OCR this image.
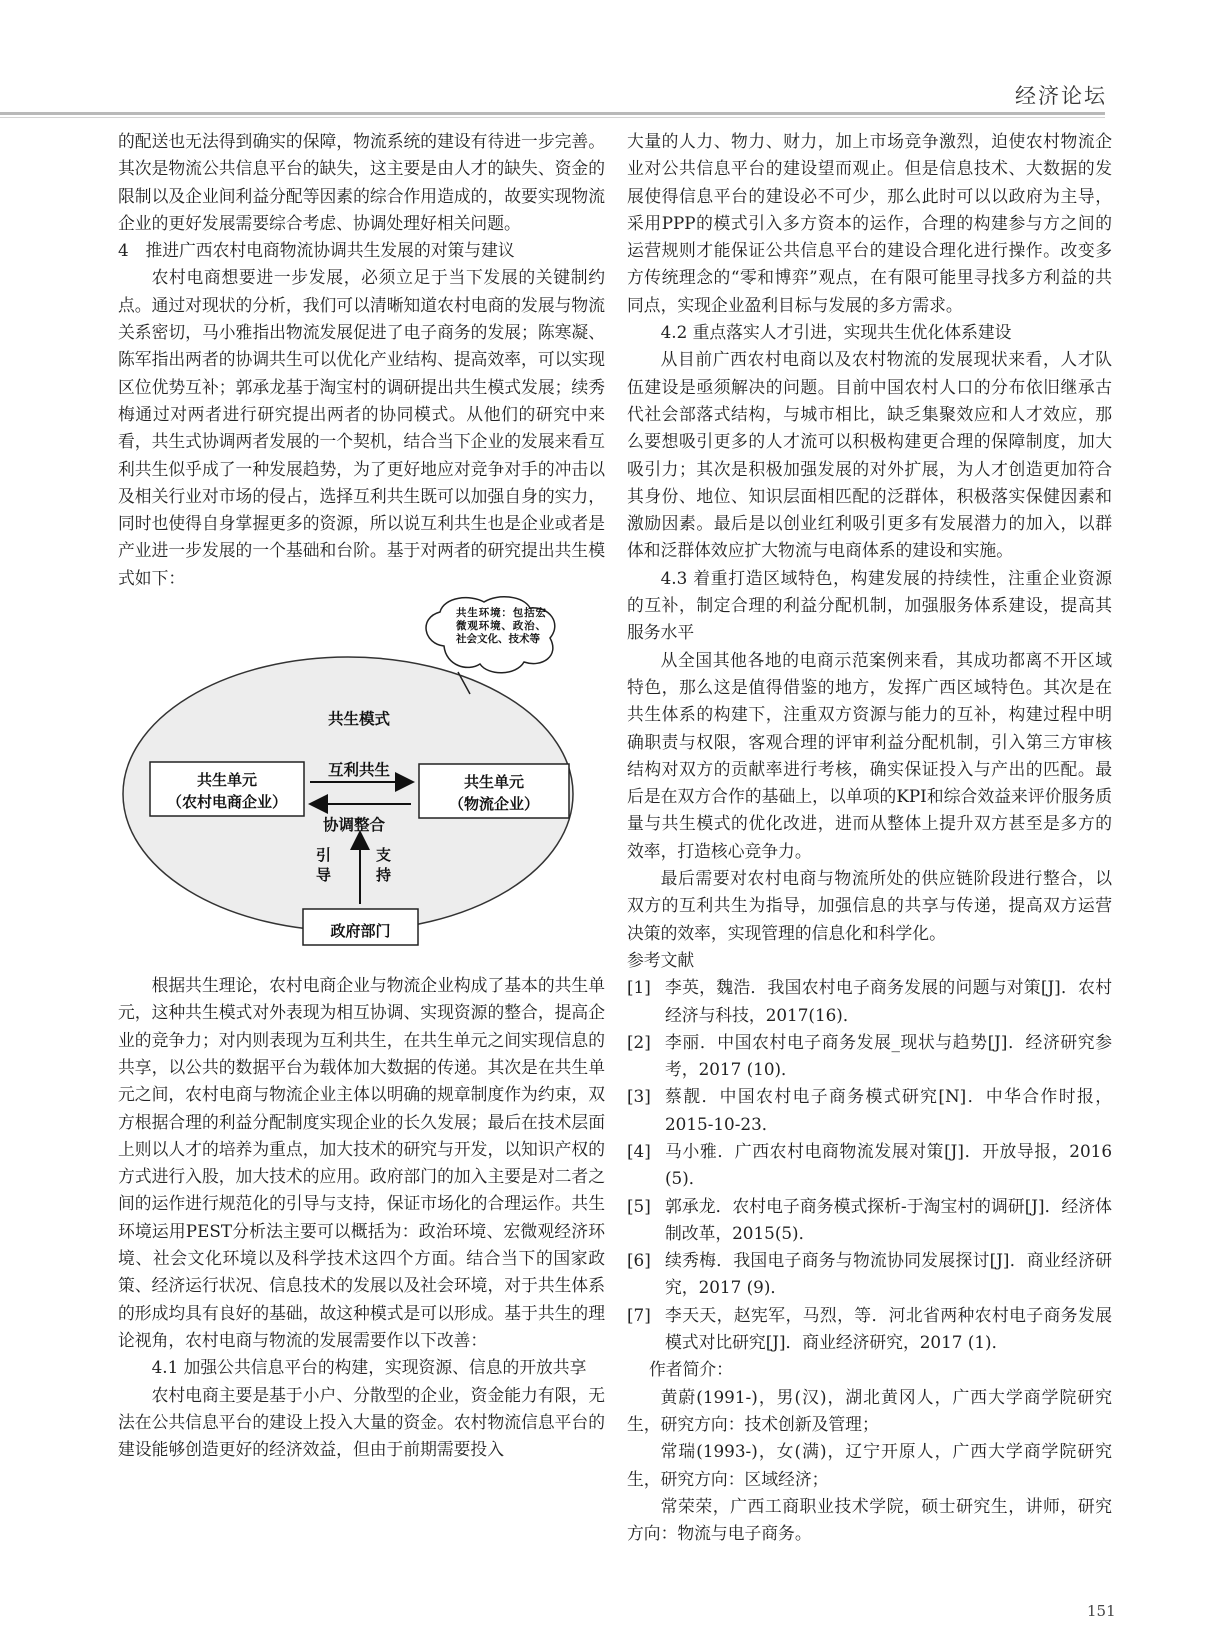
经济论坛

的配送也无法得到确实的保障，物流系统的建设有待进一步完善。其次是物流公共信息平台的缺失，这主要是由人才的缺失、资金的限制以及企业间利益分配等因素的综合作用造成的，故要实现物流企业的更好发展需要综合考虑、协调处理好相关问题。

4　推进广西农村电商物流协调共生发展的对策与建议

农村电商想要进一步发展，必须立足于当下发展的关键制约点。通过对现状的分析，我们可以清晰知道农村电商的发展与物流关系密切，马小雅指出物流发展促进了电子商务的发展；陈寒凝、陈军指出两者的协调共生可以优化产业结构、提高效率，可以实现区位优势互补；郭承龙基于淘宝村的调研提出共生模式发展；续秀梅通过对两者进行研究提出两者的协同模式。从他们的研究中来看，共生式协调两者发展的一个契机，结合当下企业的发展来看互利共生似乎成了一种发展趋势，为了更好地应对竞争对手的冲击以及相关行业对市场的侵占，选择互利共生既可以加强自身的实力，同时也使得自身掌握更多的资源，所以说互利共生也是企业或者是产业进一步发展的一个基础和台阶。基于对两者的研究提出共生模式如下：

共生模式
共生单元
（农村电商企业）
共生单元
（物流企业）
互利共生
协调整合
引导
支持
政府部门
共生环境：包括宏微观环境、政治、社会文化、技术等

根据共生理论，农村电商企业与物流企业构成了基本的共生单元，这种共生模式对外表现为相互协调、实现资源的整合，提高企业的竞争力；对内则表现为互利共生，在共生单元之间实现信息的共享，以公共的数据平台为载体加大数据的传递。其次是在共生单元之间，农村电商与物流企业主体以明确的规章制度作为约束，双方根据合理的利益分配制度实现企业的长久发展；最后在技术层面上则以人才的培养为重点，加大技术的研究与开发，以知识产权的方式进行入股，加大技术的应用。政府部门的加入主要是对二者之间的运作进行规范化的引导与支持，保证市场化的合理运作。共生环境运用PEST分析法主要可以概括为：政治环境、宏微观经济环境、社会文化环境以及科学技术这四个方面。结合当下的国家政策、经济运行状况、信息技术的发展以及社会环境，对于共生体系的形成均具有良好的基础，故这种模式是可以形成。基于共生的理论视角，农村电商与物流的发展需要作以下改善：

4.1 加强公共信息平台的构建，实现资源、信息的开放共享

农村电商主要是基于小户、分散型的企业，资金能力有限，无法在公共信息平台的建设上投入大量的资金。农村物流信息平台的建设能够创造更好的经济效益，但由于前期需要投入

大量的人力、物力、财力，加上市场竞争激烈，迫使农村物流企业对公共信息平台的建设望而观止。但是信息技术、大数据的发展使得信息平台的建设必不可少，那么此时可以以政府为主导，采用PPP的模式引入多方资本的运作，合理的构建参与方之间的运营规则才能保证公共信息平台的建设合理化进行操作。改变多方传统理念的“零和博弈”观点，在有限可能里寻找多方利益的共同点，实现企业盈利目标与发展的多方需求。

4.2 重点落实人才引进，实现共生优化体系建设

从目前广西农村电商以及农村物流的发展现状来看，人才队伍建设是亟须解决的问题。目前中国农村人口的分布依旧继承古代社会部落式结构，与城市相比，缺乏集聚效应和人才效应，那么要想吸引更多的人才流可以积极构建更合理的保障制度，加大吸引力；其次是积极加强发展的对外扩展，为人才创造更加符合其身份、地位、知识层面相匹配的泛群体，积极落实保健因素和激励因素。最后是以创业红利吸引更多有发展潜力的加入，以群体和泛群体效应扩大物流与电商体系的建设和实施。

4.3 着重打造区域特色，构建发展的持续性，注重企业资源的互补，制定合理的利益分配机制，加强服务体系建设，提高其服务水平

从全国其他各地的电商示范案例来看，其成功都离不开区域特色，那么这是值得借鉴的地方，发挥广西区域特色。其次是在共生体系的构建下，注重双方资源与能力的互补，构建过程中明确职责与权限，客观合理的评审利益分配机制，引入第三方审核结构对双方的贡献率进行考核，确实保证投入与产出的匹配。最后是在双方合作的基础上，以单项的KPI和综合效益来评价服务质量与共生模式的优化改进，进而从整体上提升双方甚至是多方的效率，打造核心竞争力。

最后需要对农村电商与物流所处的供应链阶段进行整合，以双方的互利共生为指导，加强信息的共享与传递，提高双方运营决策的效率，实现管理的信息化和科学化。

参考文献

[1] 李英，魏浩．我国农村电子商务发展的问题与对策[J]．农村经济与科技，2017(16)．
[2] 李丽．中国农村电子商务发展_现状与趋势[J]．经济研究参考，2017 (10)．
[3] 蔡靓．中国农村电子商务模式研究[N]．中华合作时报，2015-10-23．
[4] 马小雅．广西农村电商物流发展对策[J]．开放导报，2016 (5)．
[5] 郭承龙．农村电子商务模式探析-于淘宝村的调研[J]．经济体制改革，2015(5)．
[6] 续秀梅．我国电子商务与物流协同发展探讨[J]．商业经济研究，2017 (9)．
[7] 李天天，赵宪军，马烈，等．河北省两种农村电子商务发展模式对比研究[J]．商业经济研究，2017 (1)．

作者简介：

黄蔚(1991-)，男(汉)，湖北黄冈人，广西大学商学院研究生，研究方向：技术创新及管理；

常瑞(1993-)，女(满)，辽宁开原人，广西大学商学院研究生，研究方向：区域经济；

常荣荣，广西工商职业技术学院，硕士研究生，讲师，研究方向：物流与电子商务。

151
